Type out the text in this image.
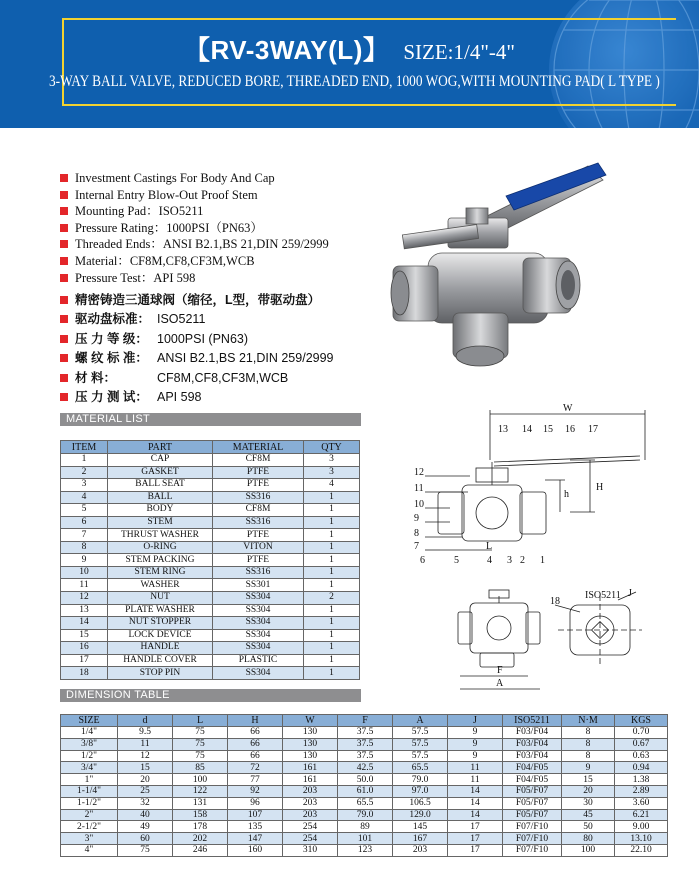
【RV-3WAY(L)】 SIZE:1/4"-4"
3-WAY BALL VALVE, REDUCED BORE, THREADED END, 1000 WOG,WITH MOUNTING PAD( L TYPE )
Investment Castings For Body And Cap
Internal Entry Blow-Out Proof Stem
Mounting Pad：ISO5211
Pressure Rating：1000PSI（PN63）
Threaded Ends：ANSI B2.1,BS 21,DIN 259/2999
Material：CF8M,CF8,CF3M,WCB
Pressure Test：API 598
精密铸造三通球阀（缩径，L型，带驱动盘）
驱动盘标准： ISO5211
压 力 等 级： 1000PSI (PN63)
螺 纹 标 准： ANSI B2.1,BS 21,DIN 259/2999
材 料：	CF8M,CF8,CF3M,WCB
压 力 测 试： API 598
MATERIAL LIST
ITEM	PART	MATERIAL	QTY
1	CAP	CF8M	3
2	GASKET	PTFE	3
3	BALL SEAT	PTFE	4
4	BALL	SS316	1
5	BODY	CF8M	1
6	STEM	SS316	1
7	THRUST WASHER	PTFE	1
8	O-RING	VITON	1
9	STEM PACKING	PTFE	1
10	STEM RING	SS316	1
11	WASHER	SS301	1
12	NUT	SS304	2
13	PLATE WASHER	SS304	1
14	NUT STOPPER	SS304	1
15	LOCK DEVICE	SS304	1
16	HANDLE	SS304	1
17	HANDLE COVER	PLASTIC	1
18	STOP PIN	SS304	1
W
H
h
L
F
A
ISO5211 J
18
13 14 15 16 17
12
11
10
9
8
7
6	5	4 3 2 1
DIMENSION TABLE
SIZE	d	L	H	W	F	A	J	ISO5211	N·M	KGS
1/4"	9.5	75	66	130	37.5	57.5	9	F03/F04	8	0.70
3/8"	11	75	66	130	37.5	57.5	9	F03/F04	8	0.67
1/2"	12	75	66	130	37.5	57.5	9	F03/F04	8	0.63
3/4"	15	85	72	161	42.5	65.5	11	F04/F05	9	0.94
1"	20	100	77	161	50.0	79.0	11	F04/F05	15	1.38
1-1/4"	25	122	92	203	61.0	97.0	14	F05/F07	20	2.89
1-1/2"	32	131	96	203	65.5	106.5	14	F05/F07	30	3.60
2"	40	158	107	203	79.0	129.0	14	F05/F07	45	6.21
2-1/2"	49	178	135	254	89	145	17	F07/F10	50	9.00
3"	60	202	147	254	101	167	17	F07/F10	80	13.10
4"	75	246	160	310	123	203	17	F07/F10	100	22.10
